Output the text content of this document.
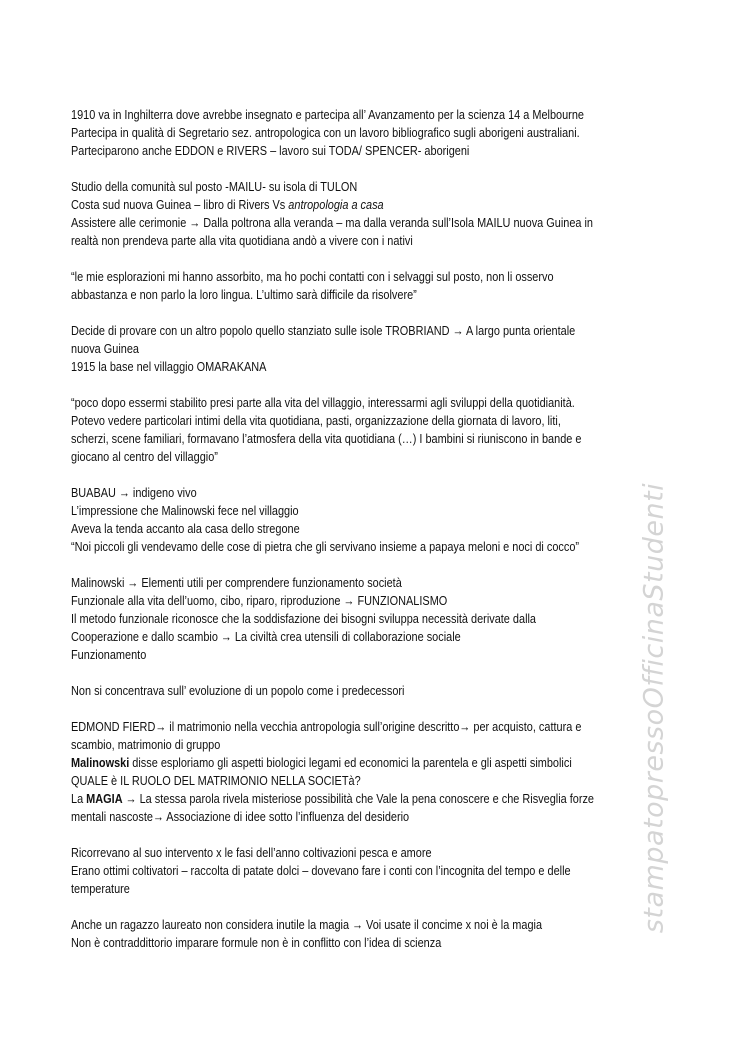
1910 va in Inghilterra dove avrebbe insegnato e partecipa all’ Avanzamento per la scienza 14 a Melbourne
Partecipa in qualità di Segretario sez. antropologica con un lavoro bibliografico sugli aborigeni australiani.
Parteciparono anche EDDON e RIVERS – lavoro sui TODA/ SPENCER- aborigeni
Studio della comunità sul posto -MAILU- su isola di TULON
Costa sud nuova Guinea – libro di Rivers Vs antropologia a casa
Assistere alle cerimonie → Dalla poltrona alla veranda – ma dalla veranda sull’Isola MAILU nuova Guinea in
realtà non prendeva parte alla vita quotidiana andò a vivere con i nativi
“le mie esplorazioni mi hanno assorbito, ma ho pochi contatti con i selvaggi sul posto, non li osservo
abbastanza e non parlo la loro lingua. L’ultimo sarà difficile da risolvere”
Decide di provare con un altro popolo quello stanziato sulle isole TROBRIAND → A largo punta orientale
nuova Guinea
1915 la base nel villaggio OMARAKANA
“poco dopo essermi stabilito presi parte alla vita del villaggio, interessarmi agli sviluppi della quotidianità.
Potevo vedere particolari intimi della vita quotidiana, pasti, organizzazione della giornata di lavoro, liti,
scherzi, scene familiari, formavano l’atmosfera della vita quotidiana (…) I bambini si riuniscono in bande e
giocano al centro del villaggio”
BUABAU → indigeno vivo
L’impressione che Malinowski fece nel villaggio
Aveva la tenda accanto ala casa dello stregone
“Noi piccoli gli vendevamo delle cose di pietra che gli servivano insieme a papaya meloni e noci di cocco”
Malinowski → Elementi utili per comprendere funzionamento società
Funzionale alla vita dell’uomo, cibo, riparo, riproduzione → FUNZIONALISMO
Il metodo funzionale riconosce che la soddisfazione dei bisogni sviluppa necessità derivate dalla
Cooperazione e dallo scambio → La civiltà crea utensili di collaborazione sociale
Funzionamento
Non si concentrava sull’ evoluzione di un popolo come i predecessori
EDMOND FIERD→ il matrimonio nella vecchia antropologia sull’origine descritto→ per acquisto, cattura e
scambio, matrimonio di gruppo
Malinowski disse esploriamo gli aspetti biologici legami ed economici la parentela e gli aspetti simbolici
QUALE è IL RUOLO DEL MATRIMONIO NELLA SOCIETà?
La MAGIA → La stessa parola rivela misteriose possibilità che Vale la pena conoscere e che Risveglia forze
mentali nascoste→ Associazione di idee sotto l’influenza del desiderio
Ricorrevano al suo intervento x le fasi dell’anno coltivazioni pesca e amore
Erano ottimi coltivatori – raccolta di patate dolci – dovevano fare i conti con l’incognita del tempo e delle
temperature
Anche un ragazzo laureato non considera inutile la magia → Voi usate il concime x noi è la magia
Non è contraddittorio imparare formule non è in conflitto con l’idea di scienza
stampatopressoOfficinaStudenti
